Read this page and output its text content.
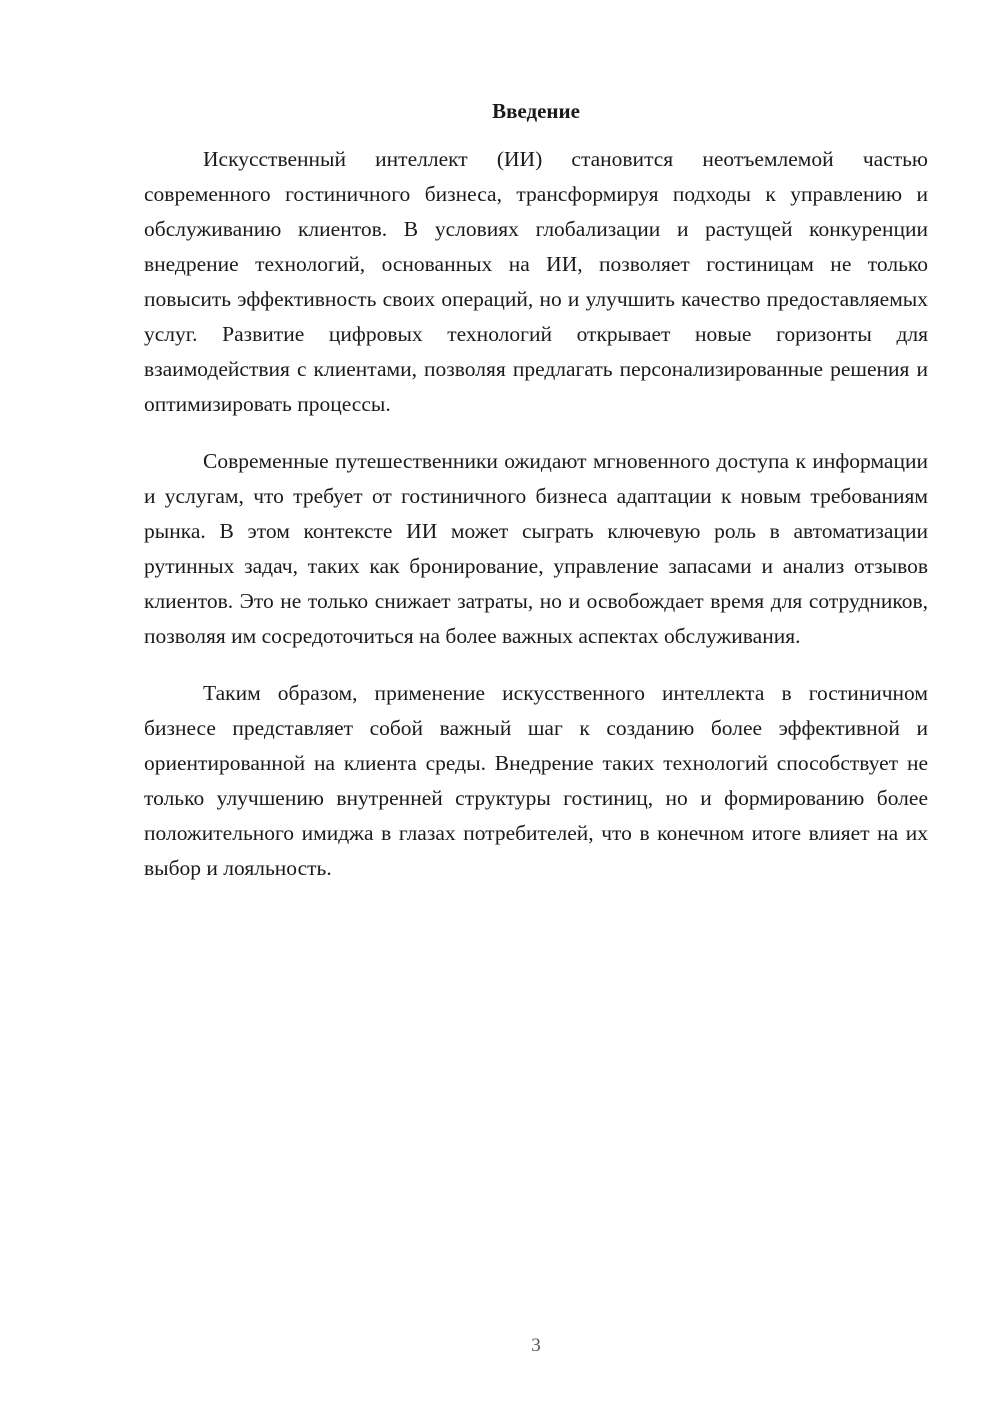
Введение

Искусственный интеллект (ИИ) становится неотъемлемой частью современного гостиничного бизнеса, трансформируя подходы к управлению и обслуживанию клиентов. В условиях глобализации и растущей конкуренции внедрение технологий, основанных на ИИ, позволяет гостиницам не только повысить эффективность своих операций, но и улучшить качество предоставляемых услуг. Развитие цифровых технологий открывает новые горизонты для взаимодействия с клиентами, позволяя предлагать персонализированные решения и оптимизировать процессы.

Современные путешественники ожидают мгновенного доступа к информации и услугам, что требует от гостиничного бизнеса адаптации к новым требованиям рынка. В этом контексте ИИ может сыграть ключевую роль в автоматизации рутинных задач, таких как бронирование, управление запасами и анализ отзывов клиентов. Это не только снижает затраты, но и освобождает время для сотрудников, позволяя им сосредоточиться на более важных аспектах обслуживания.

Таким образом, применение искусственного интеллекта в гостиничном бизнесе представляет собой важный шаг к созданию более эффективной и ориентированной на клиента среды. Внедрение таких технологий способствует не только улучшению внутренней структуры гостиниц, но и формированию более положительного имиджа в глазах потребителей, что в конечном итоге влияет на их выбор и лояльность.

3
